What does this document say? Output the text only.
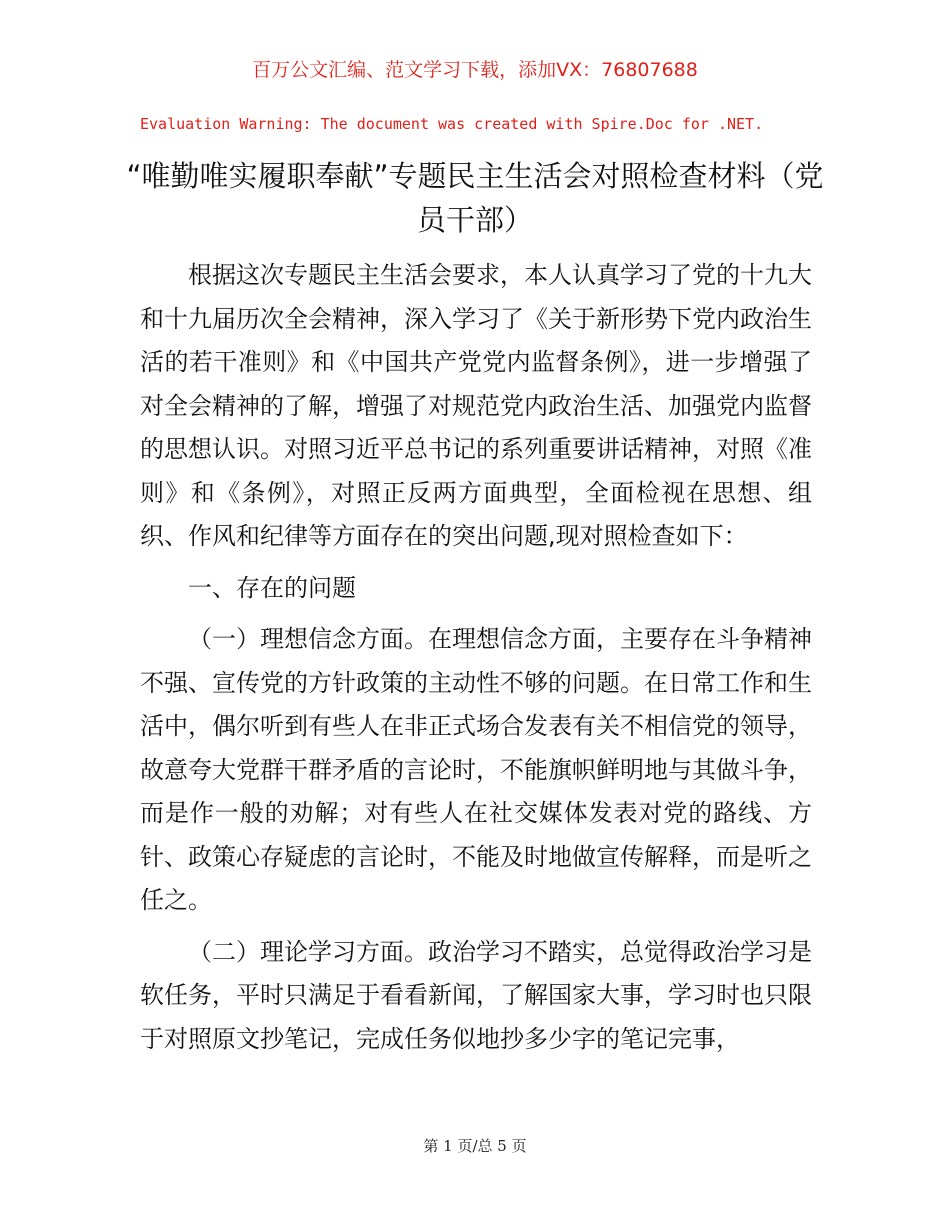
百万公文汇编、范文学习下载，添加VX：76807688
Evaluation Warning: The document was created with Spire.Doc for .NET.
“唯勤唯实履职奉献”专题民主生活会对照检查材料（党员干部）

根据这次专题民主生活会要求，本人认真学习了党的十九大和十九届历次全会精神，深入学习了《关于新形势下党内政治生活的若干准则》和《中国共产党党内监督条例》，进一步增强了对全会精神的了解，增强了对规范党内政治生活、加强党内监督的思想认识。对照习近平总书记的系列重要讲话精神，对照《准则》和《条例》，对照正反两方面典型，全面检视在思想、组织、作风和纪律等方面存在的突出问题,现对照检查如下：

一、存在的问题

（一）理想信念方面。在理想信念方面，主要存在斗争精神不强、宣传党的方针政策的主动性不够的问题。在日常工作和生活中，偶尔听到有些人在非正式场合发表有关不相信党的领导，故意夸大党群干群矛盾的言论时，不能旗帜鲜明地与其做斗争，而是作一般的劝解；对有些人在社交媒体发表对党的路线、方针、政策心存疑虑的言论时，不能及时地做宣传解释，而是听之任之。

（二）理论学习方面。政治学习不踏实，总觉得政治学习是软任务，平时只满足于看看新闻，了解国家大事，学习时也只限于对照原文抄笔记，完成任务似地抄多少字的笔记完事，

第 1 页/总 5 页
